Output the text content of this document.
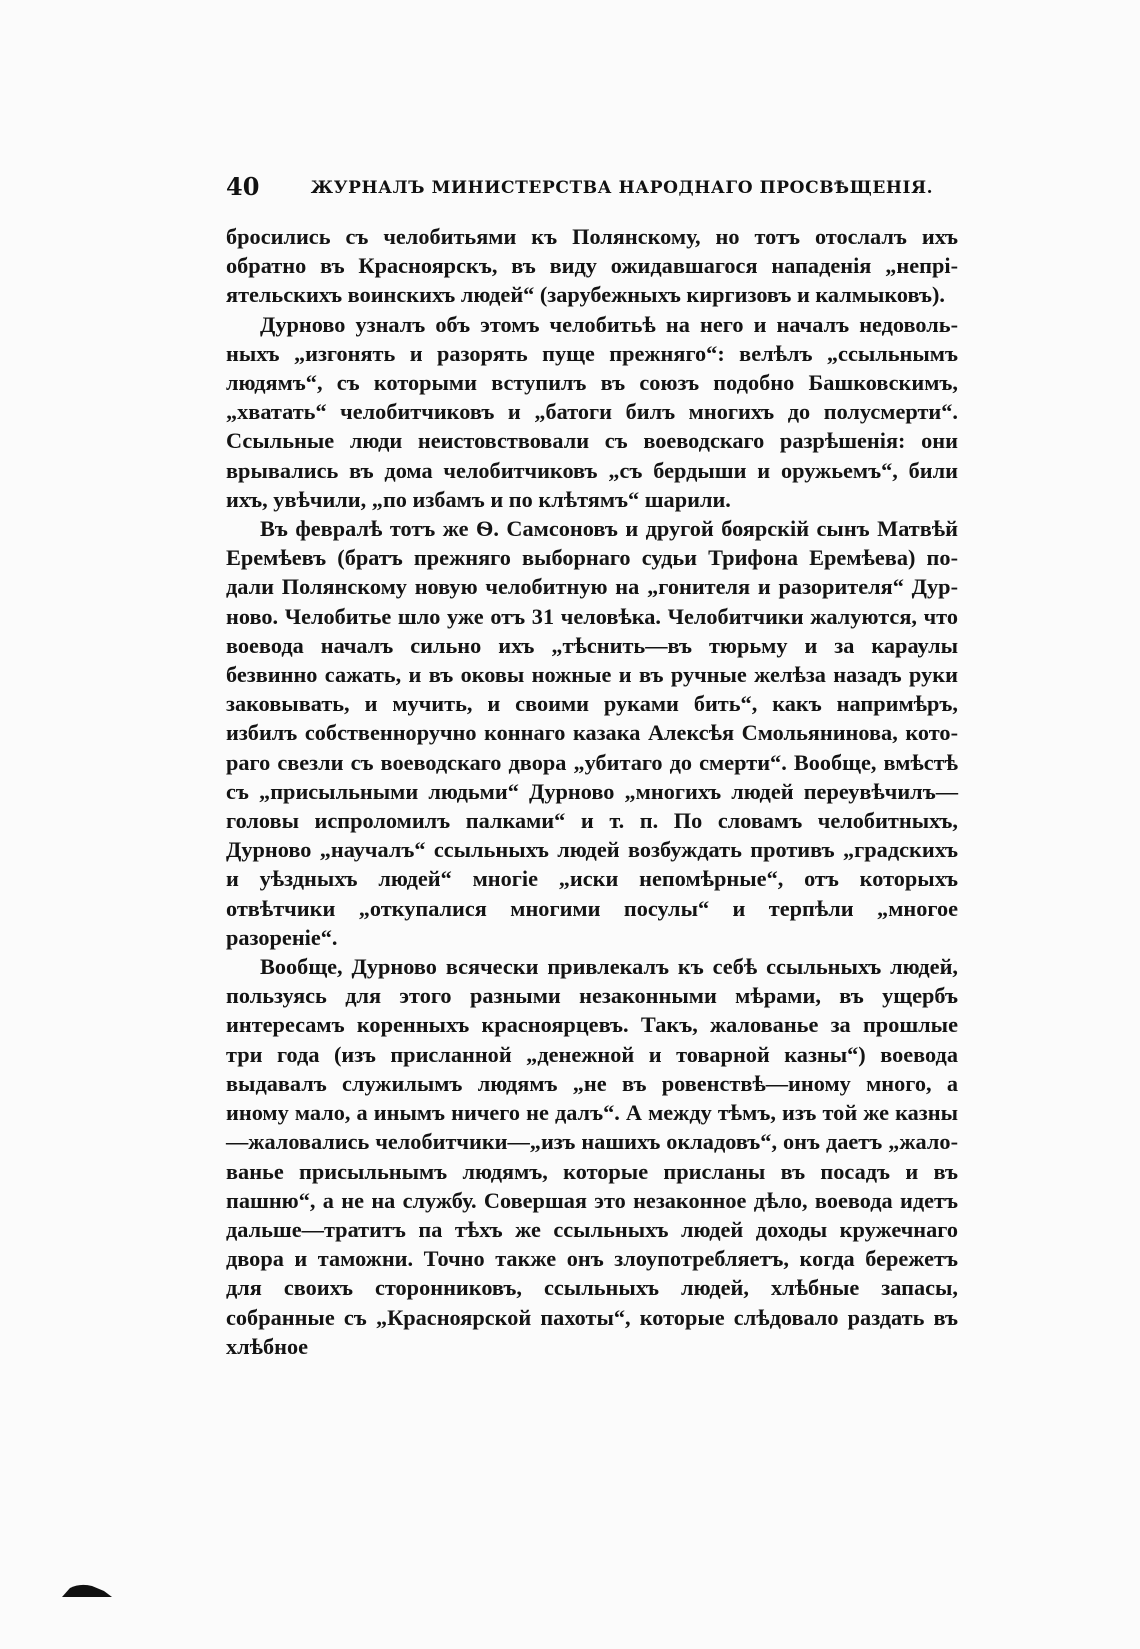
40	ЖУРНАЛЪ МИНИСТЕРСТВА НАРОДНАГО ПРОСВѢЩЕНІЯ.

бросились съ челобитьями къ Полянскому, но тотъ отослалъ ихъ обратно въ Красноярскъ, въ виду ожидавшагося нападенія „непріятельскихъ воинскихъ людей“ (зарубежныхъ киргизовъ и калмыковъ).

Дурново узналъ объ этомъ челобитьѣ на него и началъ недовольныхъ „изгонять и разорять пуще прежняго“: велѣлъ „ссыльнымъ людямъ“, съ которыми вступилъ въ союзъ подобно Башковскимъ, „хватать“ челобитчиковъ и „батоги билъ многихъ до полусмерти“. Ссыльные люди неистовствовали съ воеводскаго разрѣшенія: они врывались въ дома челобитчиковъ „съ бердыши и оружьемъ“, били ихъ, увѣчили, „по избамъ и по клѣтямъ“ шарили.

Въ февралѣ тотъ же Ѳ. Самсоновъ и другой боярскій сынъ Матвѣй Еремѣевъ (братъ прежняго выборнаго судьи Трифона Еремѣева) подали Полянскому новую челобитную на „гонителя и разорителя“ Дурново. Челобитье шло уже отъ 31 человѣка. Челобитчики жалуются, что воевода началъ сильно ихъ „тѣснить—въ тюрьму и за караулы безвинно сажать, и въ оковы ножные и въ ручные желѣза назадъ руки заковывать, и мучить, и своими руками бить“, какъ напримѣръ, избилъ собственноручно коннаго казака Алексѣя Смольянинова, котораго свезли съ воеводскаго двора „убитаго до смерти“. Вообще, вмѣстѣ съ „присыльными людьми“ Дурново „многихъ людей переувѣчилъ—головы испроломилъ палками“ и т. п. По словамъ челобитныхъ, Дурново „научалъ“ ссыльныхъ людей возбуждать противъ „градскихъ и уѣздныхъ людей“ многіе „иски непомѣрные“, отъ которыхъ отвѣтчики „откупалися многими посулы“ и терпѣли „многое разореніе“.

Вообще, Дурново всячески привлекалъ къ себѣ ссыльныхъ людей, пользуясь для этого разными незаконными мѣрами, въ ущербъ интересамъ коренныхъ красноярцевъ. Такъ, жалованье за прошлые три года (изъ присланной „денежной и товарной казны“) воевода выдавалъ служилымъ людямъ „не въ ровенствѣ—иному много, а иному мало, а инымъ ничего не далъ“. А между тѣмъ, изъ той же казны—жаловались челобитчики—„изъ нашихъ окладовъ“, онъ даетъ „жалованье присыльнымъ людямъ, которые присланы въ посадъ и въ пашню“, а не на службу. Совершая это незаконное дѣло, воевода идетъ дальше—тратитъ па тѣхъ же ссыльныхъ людей доходы кружечнаго двора и таможни. Точно также онъ злоупотребляетъ, когда бережетъ для своихъ сторонниковъ, ссыльныхъ людей, хлѣбные запасы, собранные съ „Красноярской пахоты“, которые слѣдовало раздать въ хлѣбное
